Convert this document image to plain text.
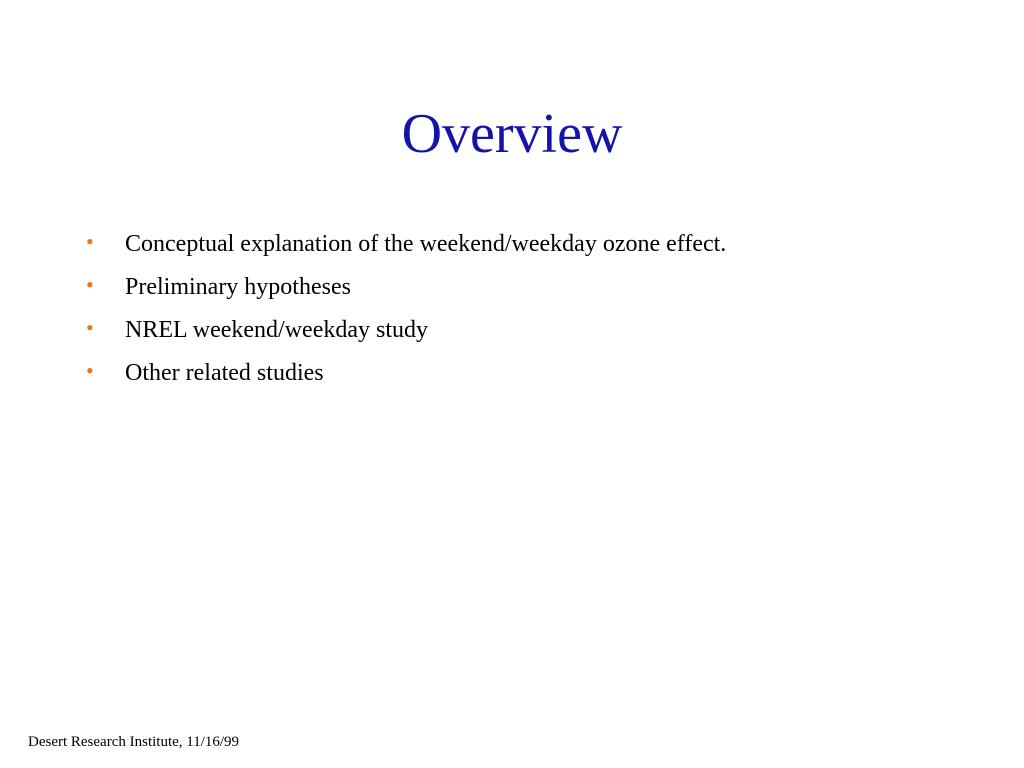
Overview
• Conceptual explanation of the weekend/weekday ozone effect.
• Preliminary hypotheses
• NREL weekend/weekday study
• Other related studies
Desert Research Institute, 11/16/99
